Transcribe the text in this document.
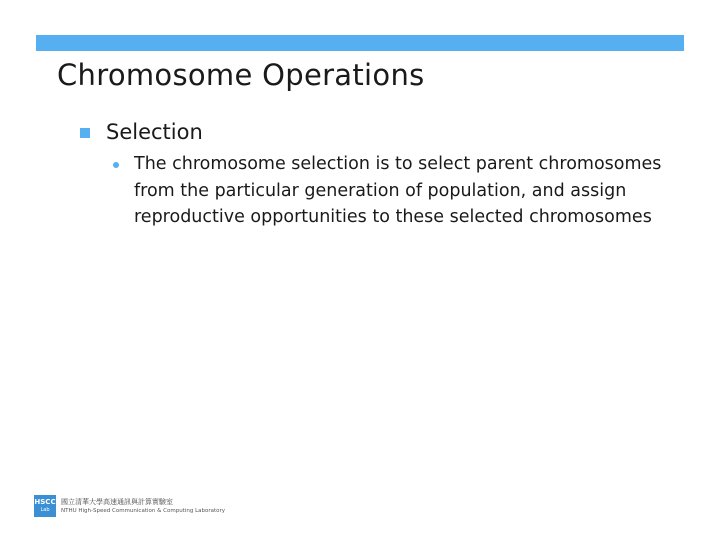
Chromosome Operations
Selection
The chromosome selection is to select parent chromosomes from the particular generation of population, and assign reproductive opportunities to these selected chromosomes
HSCC
Lab
國立清華大學高速通訊與計算實驗室
NTHU High-Speed Communication & Computing Laboratory
